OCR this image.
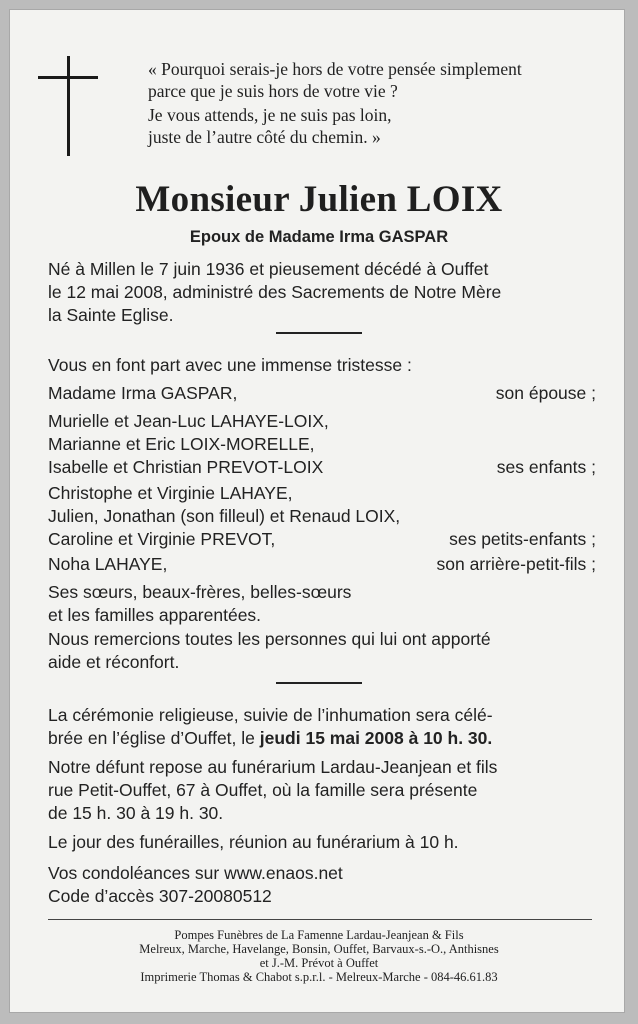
« Pourquoi serais-je hors de votre pensée simplement
parce que je suis hors de votre vie ?
Je vous attends, je ne suis pas loin,
juste de l’autre côté du chemin. »
Monsieur Julien LOIX
Epoux de Madame Irma GASPAR
Né à Millen le 7 juin 1936 et pieusement décédé à Ouffet
le 12 mai 2008, administré des Sacrements de Notre Mère
la Sainte Eglise.
Vous en font part avec une immense tristesse :
Madame Irma GASPAR,	son épouse ;
Murielle et Jean-Luc LAHAYE-LOIX,
Marianne et Eric LOIX-MORELLE,
Isabelle et Christian PREVOT-LOIX	ses enfants ;
Christophe et Virginie LAHAYE,
Julien, Jonathan (son filleul) et Renaud LOIX,
Caroline et Virginie PREVOT,	ses petits-enfants ;
Noha LAHAYE,	son arrière-petit-fils ;
Ses sœurs, beaux-frères, belles-sœurs
et les familles apparentées.
Nous remercions toutes les personnes qui lui ont apporté
aide et réconfort.
La cérémonie religieuse, suivie de l’inhumation sera célé-
brée en l’église d’Ouffet, le jeudi 15 mai 2008 à 10 h. 30.
Notre défunt repose au funérarium Lardau-Jeanjean et fils
rue Petit-Ouffet, 67 à Ouffet, où la famille sera présente
de 15 h. 30 à 19 h. 30.
Le jour des funérailles, réunion au funérarium à 10 h.
Vos condoléances sur www.enaos.net
Code d’accès 307-20080512
Pompes Funèbres de La Famenne Lardau-Jeanjean & Fils
Melreux, Marche, Havelange, Bonsin, Ouffet, Barvaux-s.-O., Anthisnes
et J.-M. Prévot à Ouffet
Imprimerie Thomas & Chabot s.p.r.l. - Melreux-Marche - 084-46.61.83
